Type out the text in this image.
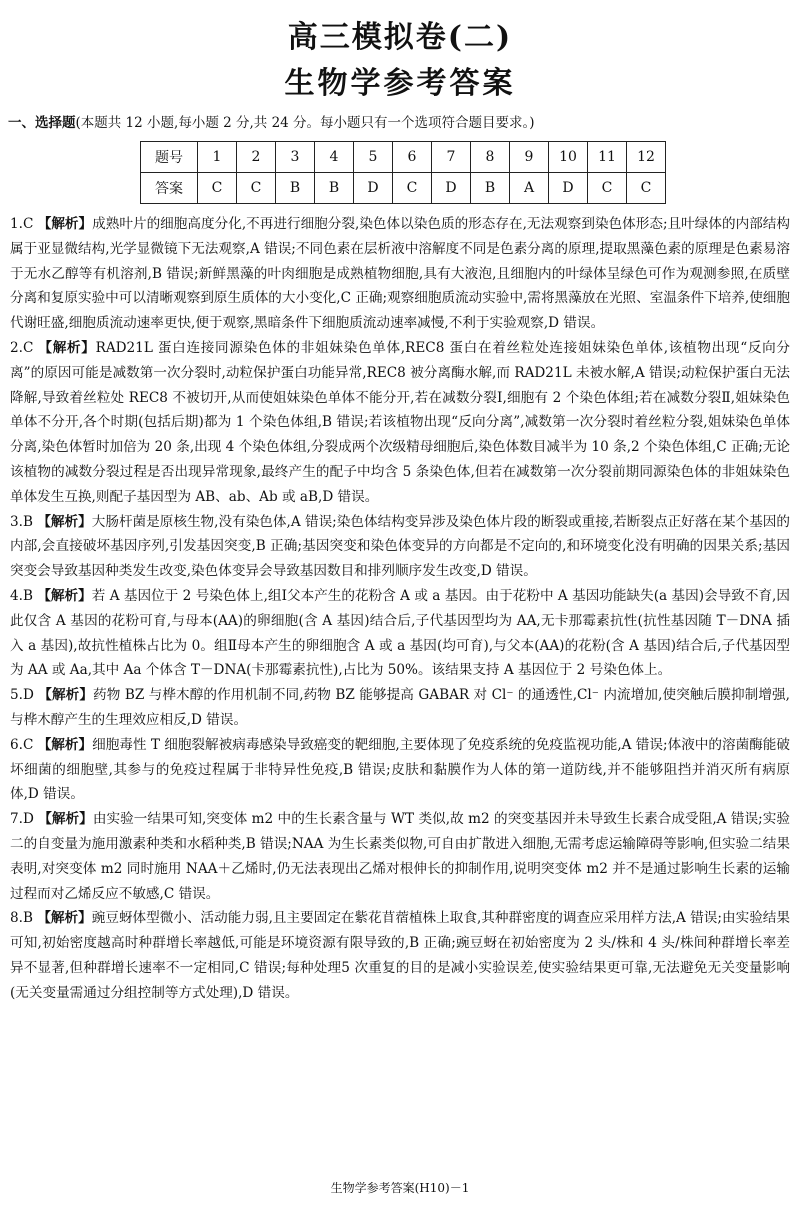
高三模拟卷(二)
生物学参考答案
一、选择题(本题共 12 小题,每小题 2 分,共 24 分。每小题只有一个选项符合题目要求。)
题号	1	2	3	4	5	6	7	8	9	10	11	12
答案	C	C	B	B	D	C	D	B	A	D	C	C

1.C 【解析】成熟叶片的细胞高度分化,不再进行细胞分裂,染色体以染色质的形态存在,无法观察到染色体形态;且叶绿体的内部结构属于亚显微结构,光学显微镜下无法观察,A 错误;不同色素在层析液中溶解度不同是色素分离的原理,提取黑藻色素的原理是色素易溶于无水乙醇等有机溶剂,B 错误;新鲜黑藻的叶肉细胞是成熟植物细胞,具有大液泡,且细胞内的叶绿体呈绿色可作为观测参照,在质壁分离和复原实验中可以清晰观察到原生质体的大小变化,C 正确;观察细胞质流动实验中,需将黑藻放在光照、室温条件下培养,使细胞代谢旺盛,细胞质流动速率更快,便于观察,黑暗条件下细胞质流动速率减慢,不利于实验观察,D 错误。

2.C 【解析】RAD21L 蛋白连接同源染色体的非姐妹染色单体,REC8 蛋白在着丝粒处连接姐妹染色单体,该植物出现“反向分离”的原因可能是减数第一次分裂时,动粒保护蛋白功能异常,REC8 被分离酶水解,而 RAD21L 未被水解,A 错误;动粒保护蛋白无法降解,导致着丝粒处 REC8 不被切开,从而使姐妹染色单体不能分开,若在减数分裂Ⅰ,细胞有 2 个染色体组;若在减数分裂Ⅱ,姐妹染色单体不分开,各个时期(包括后期)都为 1 个染色体组,B 错误;若该植物出现“反向分离”,减数第一次分裂时着丝粒分裂,姐妹染色单体分离,染色体暂时加倍为 20 条,出现 4 个染色体组,分裂成两个次级精母细胞后,染色体数目减半为 10 条,2 个染色体组,C 正确;无论该植物的减数分裂过程是否出现异常现象,最终产生的配子中均含 5 条染色体,但若在减数第一次分裂前期同源染色体的非姐妹染色单体发生互换,则配子基因型为 AB、ab、Ab 或 aB,D 错误。

3.B 【解析】大肠杆菌是原核生物,没有染色体,A 错误;染色体结构变异涉及染色体片段的断裂或重接,若断裂点正好落在某个基因的内部,会直接破坏基因序列,引发基因突变,B 正确;基因突变和染色体变异的方向都是不定向的,和环境变化没有明确的因果关系;基因突变会导致基因种类发生改变,染色体变异会导致基因数目和排列顺序发生改变,D 错误。

4.B 【解析】若 A 基因位于 2 号染色体上,组Ⅰ父本产生的花粉含 A 或 a 基因。由于花粉中 A 基因功能缺失(a 基因)会导致不育,因此仅含 A 基因的花粉可育,与母本(AA)的卵细胞(含 A 基因)结合后,子代基因型均为 AA,无卡那霉素抗性(抗性基因随 T－DNA 插入 a 基因),故抗性植株占比为 0。组Ⅱ母本产生的卵细胞含 A 或 a 基因(均可育),与父本(AA)的花粉(含 A 基因)结合后,子代基因型为 AA 或 Aa,其中 Aa 个体含 T－DNA(卡那霉素抗性),占比为 50%。该结果支持 A 基因位于 2 号染色体上。

5.D 【解析】药物 BZ 与桦木醇的作用机制不同,药物 BZ 能够提高 GABAR 对 Cl⁻ 的通透性,Cl⁻ 内流增加,使突触后膜抑制增强,与桦木醇产生的生理效应相反,D 错误。

6.C 【解析】细胞毒性 T 细胞裂解被病毒感染导致癌变的靶细胞,主要体现了免疫系统的免疫监视功能,A 错误;体液中的溶菌酶能破坏细菌的细胞壁,其参与的免疫过程属于非特异性免疫,B 错误;皮肤和黏膜作为人体的第一道防线,并不能够阻挡并消灭所有病原体,D 错误。

7.D 【解析】由实验一结果可知,突变体 m2 中的生长素含量与 WT 类似,故 m2 的突变基因并未导致生长素合成受阻,A 错误;实验二的自变量为施用激素种类和水稻种类,B 错误;NAA 为生长素类似物,可自由扩散进入细胞,无需考虑运输障碍等影响,但实验二结果表明,对突变体 m2 同时施用 NAA＋乙烯时,仍无法表现出乙烯对根伸长的抑制作用,说明突变体 m2 并不是通过影响生长素的运输过程而对乙烯反应不敏感,C 错误。

8.B 【解析】豌豆蚜体型微小、活动能力弱,且主要固定在紫花苜蓿植株上取食,其种群密度的调查应采用样方法,A 错误;由实验结果可知,初始密度越高时种群增长率越低,可能是环境资源有限导致的,B 正确;豌豆蚜在初始密度为 2 头/株和 4 头/株间种群增长率差异不显著,但种群增长速率不一定相同,C 错误;每种处理5 次重复的目的是减小实验误差,使实验结果更可靠,无法避免无关变量影响(无关变量需通过分组控制等方式处理),D 错误。

生物学参考答案(H10)－1
